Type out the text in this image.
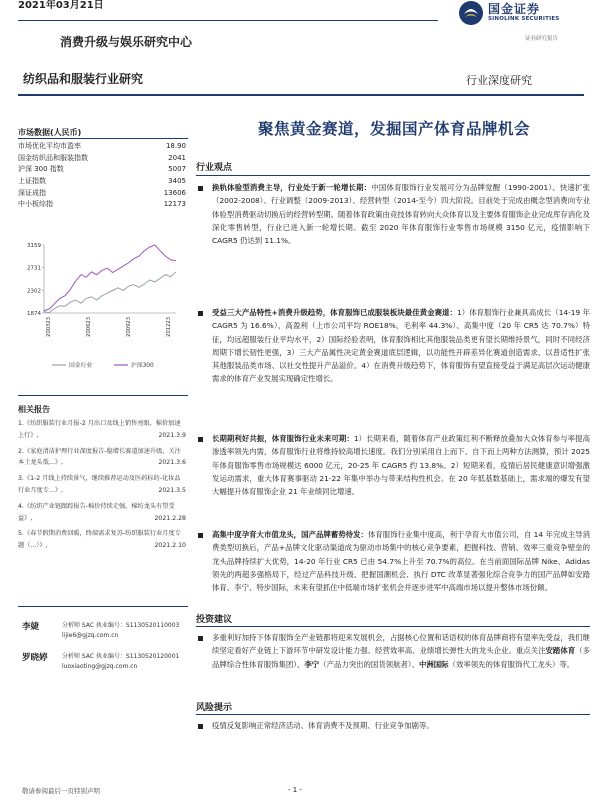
2021年03月21日	国金证券
SINOLINK SECURITIES
证券研究报告
消费升级与娱乐研究中心
纺织品和服装行业研究	行业深度研究
市场数据(人民币)
市场优化平均市盈率	18.90
国金纺织品和服装指数	2041
沪深 300 指数	5007
上证指数	3405
深证成指	13606
中小板综指	12173
3159
2731
2302
1874
200323	200623	200923	201223
国金行业	沪深300
相关报告
1.《纺织服装行业月报-2 月出口及线上销售亮眼，棉价加速上行》,	2021.3.9
2.《家庭清洁护理行业深度报告-稳增长赛道加速升级，关注本土龙头低...》,	2021.3.6
3.《1-2 月线上持续景气，继续推荐运动及医药标的-化妆品行业月度专...》,	2021.3.5
4.《纺织产业链跟踪报告-棉价持续走强，棉纺龙头有望受益》,	2021.2.28
5.《春节假期消费回暖，终端需求复苏-纺织服装行业月度专题（...）》,	2021.2.10
李婕	分析师 SAC 执业编号：S1130520110003
lijie6@gjzq.com.cn
罗晓婷 分析师 SAC 执业编号：S1130520120001
luoxiaoting@gjzq.com.cn
聚焦黄金赛道，发掘国产体育品牌机会
行业观点
换轨体验型消费主导，行业处于新一轮增长期：中国体育服饰行业发展可分为品牌觉醒（1990-2001）、快速扩张（2002-2008）、行业调整（2009-2013）、经营转型（2014-至今）四大阶段。目前处于完成由概念型消费向专业体验型消费驱动切换后的经营转型期。随着体育政策由竞技体育转向大众体育以及主要体育服饰企业完成库存消化及深化零售转型，行业已进入新一轮增长期。截至 2020 年体育服饰行业零售市场规模 3150 亿元，疫情影响下 CAGR5 仍达到 11.1%。
受益三大产品特性+消费升级趋势，体育服饰已成服装板块最佳黄金赛道：1）体育服饰行业兼具高成长（14-19 年 CAGR5 为 16.6%）、高盈利（上市公司平均 ROE18%、毛利率 44.3%）、高集中度（20 年 CR5 达 70.7%）特征，均远超服装行业平均水平，2）国际经验表明，体育服饰相比其他服装品类更有望长期维持景气，同时不同经济周期下增长韧性更强，3）三大产品属性决定黄金赛道底层逻辑，以功能性开辟差异化赛道创造需求、以普适性扩张其他服装品类市场、以社交性提升产品溢价。4）在消费升级趋势下，体育服饰有望直接受益于满足高层次运动健康需求的体育产业发展实现确定性增长。
长期期利好共振，体育服饰行业未来可期：1）长期来看，随着体育产业政策红利不断释放叠加大众体育参与率提高渗透率领先内需，体育服饰行业将维持较高增长速度。我们分别采用自上而下、自下而上两种方法测算，预计 2025 年体育服饰零售市场规模达 6000 亿元，20-25 年 CAGR5 约 13.8%。2）短期来看，疫情后居民健康意识增强激发运动需求，重大体育赛事驱动 21-22 年集中举办与带来结构性机会。在 20 年低基数基础上，需求端的爆发有望大幅提升体育服饰企业 21 年业绩同比增速。
高集中度孕育大市值龙头，国产品牌蓄势待发：体育服饰行业集中度高，利于孕育大市值公司，自 14 年完成主导消费类型切换后，产品+品牌文化驱动渠道成为驱动市场集中的核心竞争要素，把握科技、营销、效率三重竞争壁垒的龙头品牌持续扩大优势，14-20 年行业 CR5 已由 54.7%上升至 70.7%的高位。在当前面国际品牌 Nike、Adidas 领先的两超多强格局下，经过产品科技升级、把握国潮机会、执行 DTC 改革显著强化综合竞争力的国产品牌如安踏体育、李宁、特步国际，未来有望抓住中低端市场扩张机会并逐步进军中高端市场以提升整体市场份额。
投资建议
多重利好加持下体育服饰全产业链都将迎来发展机会，占据核心位置和话语权的体育品牌商将有望率先受益，我们继续坚定看好产业链上下游环节中研发设计能力强、经营效率高、业绩增长弹性大的龙头企业。重点关注安踏体育（多品牌综合性体育服饰集团）、李宁（产品力突出的国货领航者）、中洲国际（效率领先的体育服饰代工龙头）等。
风险提示
疫情反复影响正常经济活动、体育消费不及预期、行业竞争加剧等。
敬请参阅最后一页特别声明	- 1 -
